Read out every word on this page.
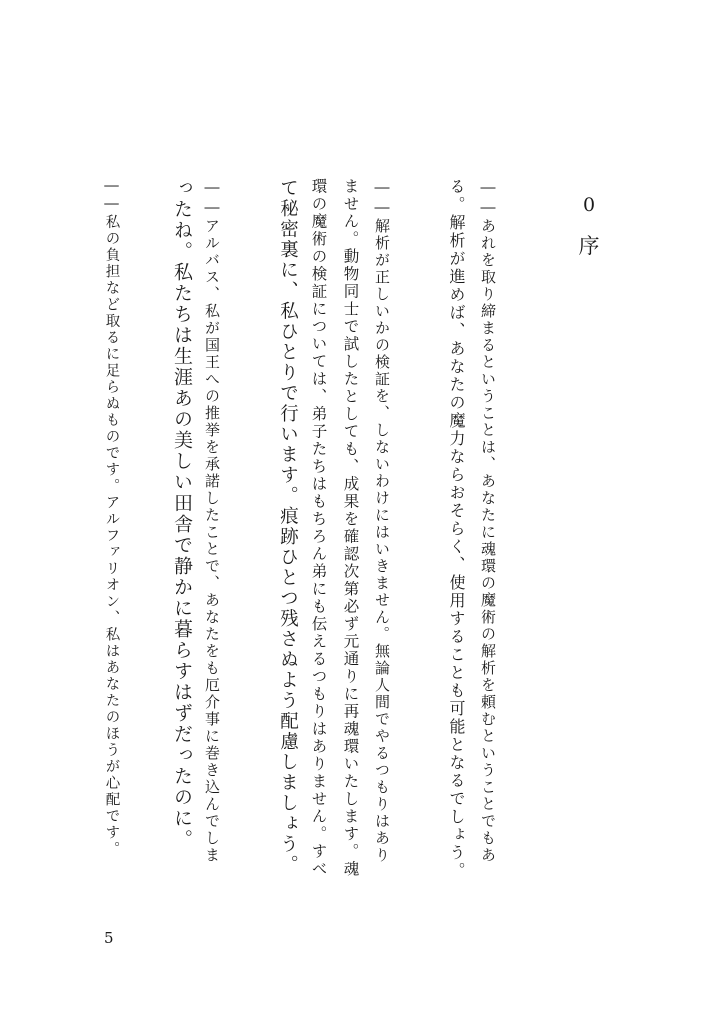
0
序
――あれを取り締まるということは、あなたに魂環の魔術の解析を頼むということでもあ
る。解析が進めば、あなたの魔力ならおそらく、使用することも可能となるでしょう。
――解析が正しいかの検証を、しないわけにはいきません。無論人間でやるつもりはあり
ません。動物同士で試したとしても、成果を確認次第必ず元通りに再魂環いたします。魂
環の魔術の検証については、弟子たちはもちろん弟にも伝えるつもりはありません。すべ
て秘密裏に、私ひとりで行います。痕跡ひとつ残さぬよう配慮しましょう。
――アルバス、私が国王への推挙を承諾したことで、あなたをも厄介事に巻き込んでしま
ったね。私たちは生涯あの美しい田舎で静かに暮らすはずだったのに。
――私の負担など取るに足らぬものです。アルファリオン、私はあなたのほうが心配です。
5
